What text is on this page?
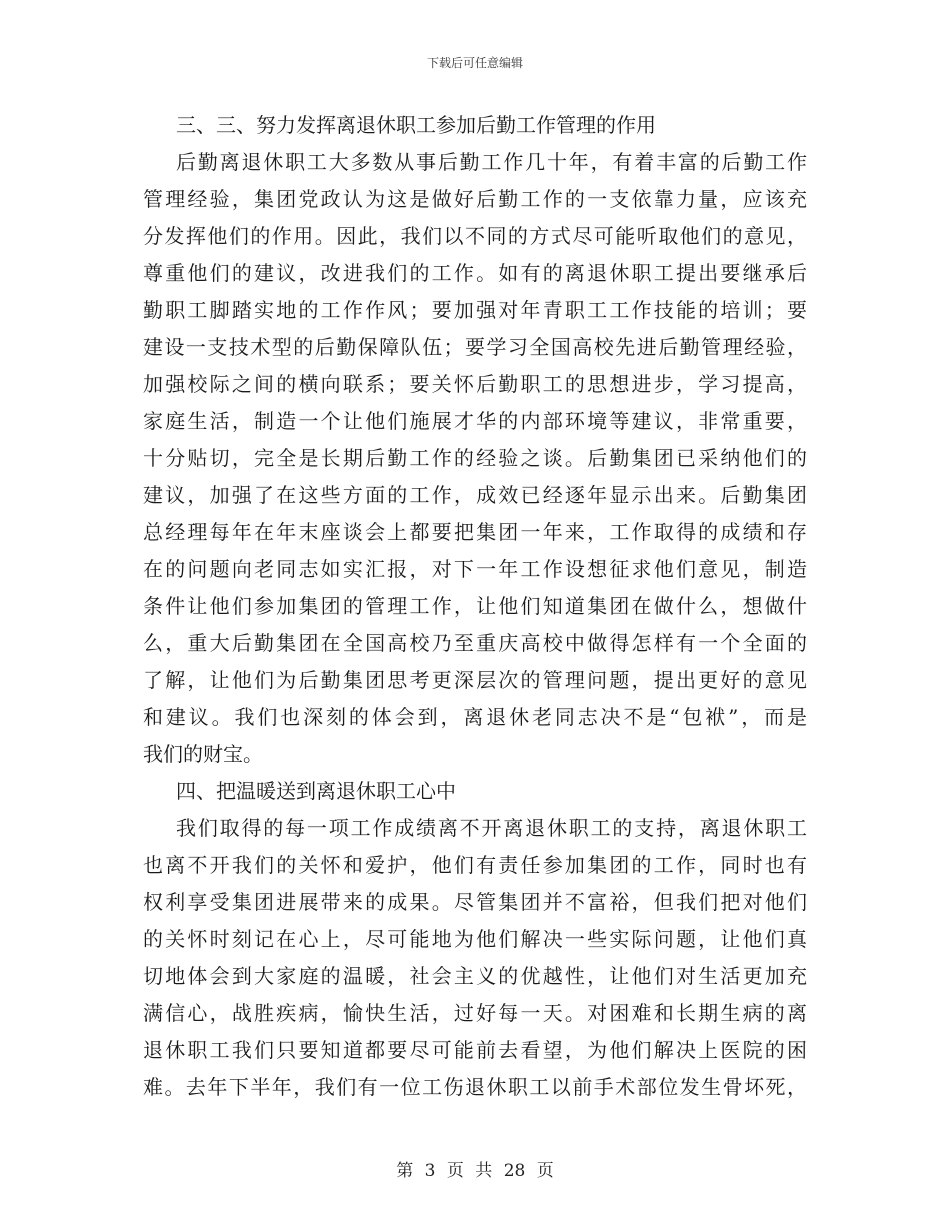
下载后可任意编辑
三、三、努力发挥离退休职工参加后勤工作管理的作用
后勤离退休职工大多数从事后勤工作几十年，有着丰富的后勤工作
管理经验，集团党政认为这是做好后勤工作的一支依靠力量，应该充
分发挥他们的作用。因此，我们以不同的方式尽可能听取他们的意见，
尊重他们的建议，改进我们的工作。如有的离退休职工提出要继承后
勤职工脚踏实地的工作作风；要加强对年青职工工作技能的培训；要
建设一支技术型的后勤保障队伍；要学习全国高校先进后勤管理经验，
加强校际之间的横向联系；要关怀后勤职工的思想进步，学习提高，
家庭生活，制造一个让他们施展才华的内部环境等建议，非常重要，
十分贴切，完全是长期后勤工作的经验之谈。后勤集团已采纳他们的
建议，加强了在这些方面的工作，成效已经逐年显示出来。后勤集团
总经理每年在年末座谈会上都要把集团一年来，工作取得的成绩和存
在的问题向老同志如实汇报，对下一年工作设想征求他们意见，制造
条件让他们参加集团的管理工作，让他们知道集团在做什么，想做什
么，重大后勤集团在全国高校乃至重庆高校中做得怎样有一个全面的
了解，让他们为后勤集团思考更深层次的管理问题，提出更好的意见
和建议。我们也深刻的体会到，离退休老同志决不是“包袱”，而是
我们的财宝。
四、把温暖送到离退休职工心中
我们取得的每一项工作成绩离不开离退休职工的支持，离退休职工
也离不开我们的关怀和爱护，他们有责任参加集团的工作，同时也有
权利享受集团进展带来的成果。尽管集团并不富裕，但我们把对他们
的关怀时刻记在心上，尽可能地为他们解决一些实际问题，让他们真
切地体会到大家庭的温暖，社会主义的优越性，让他们对生活更加充
满信心，战胜疾病，愉快生活，过好每一天。对困难和长期生病的离
退休职工我们只要知道都要尽可能前去看望，为他们解决上医院的困
难。去年下半年，我们有一位工伤退休职工以前手术部位发生骨坏死，
第 3 页 共 28 页
